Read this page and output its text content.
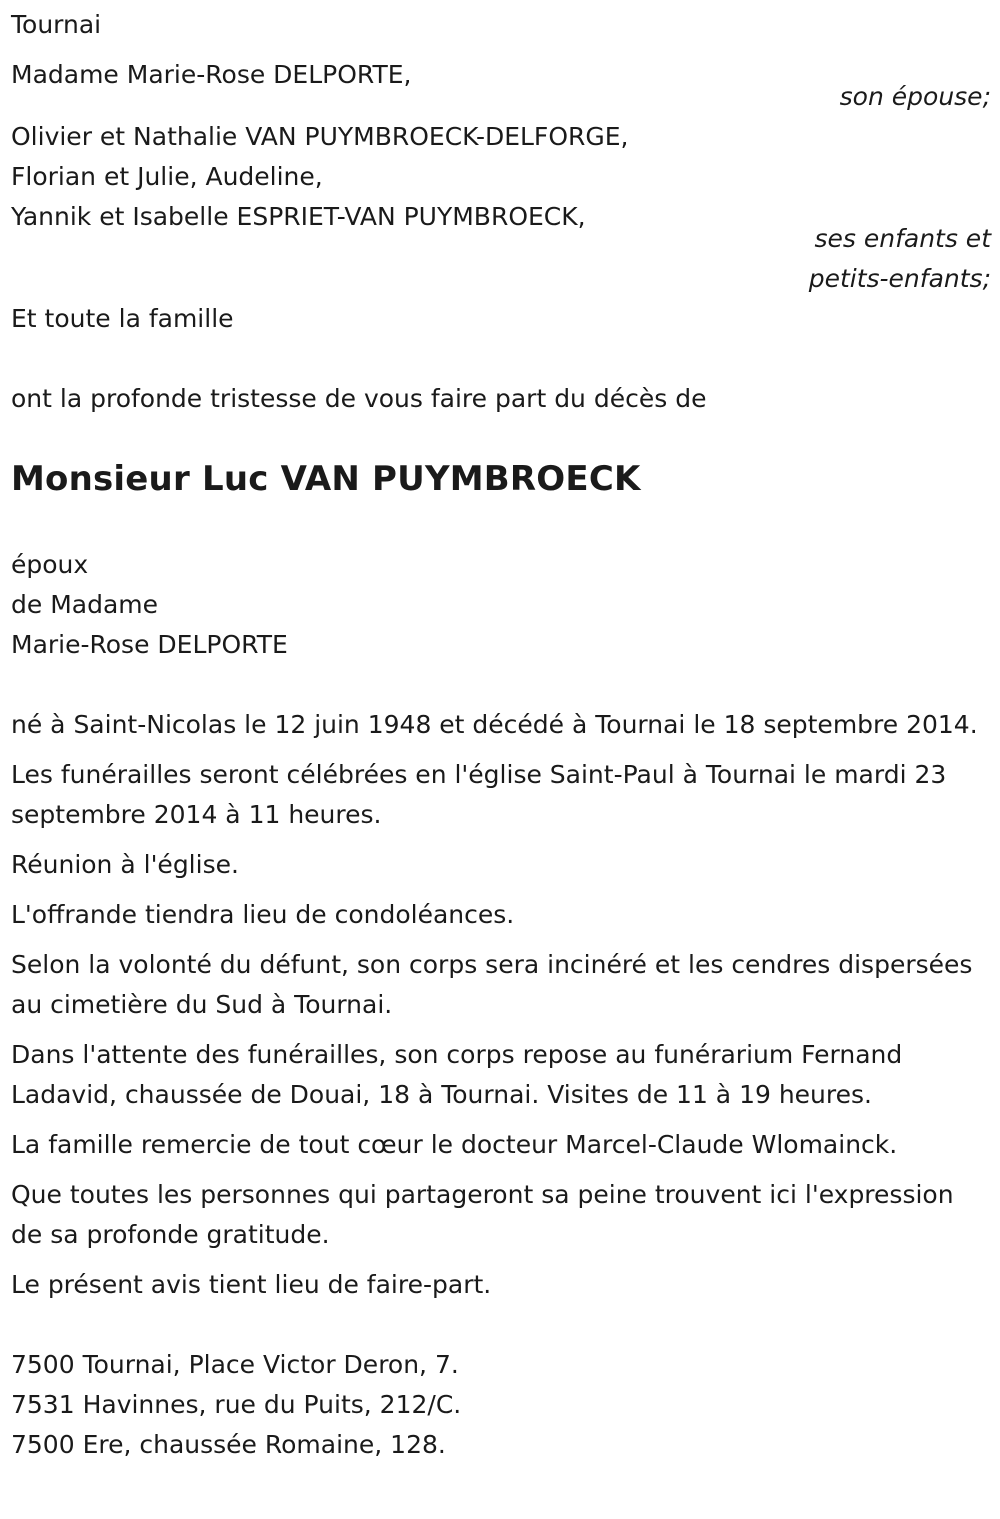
Tournai
Madame Marie-Rose DELPORTE,
son épouse;
Olivier et Nathalie VAN PUYMBROECK-DELFORGE,
Florian et Julie, Audeline,
Yannik et Isabelle ESPRIET-VAN PUYMBROECK,
ses enfants et
petits-enfants;
Et toute la famille
ont la profonde tristesse de vous faire part du décès de
Monsieur Luc VAN PUYMBROECK
époux
de Madame
Marie-Rose DELPORTE
né à Saint-Nicolas le 12 juin 1948 et décédé à Tournai le 18 septembre 2014.
Les funérailles seront célébrées en l'église Saint-Paul à Tournai le mardi 23 septembre 2014 à 11 heures.
Réunion à l'église.
L'offrande tiendra lieu de condoléances.
Selon la volonté du défunt, son corps sera incinéré et les cendres dispersées au cimetière du Sud à Tournai.
Dans l'attente des funérailles, son corps repose au funérarium Fernand Ladavid, chaussée de Douai, 18 à Tournai. Visites de 11 à 19 heures.
La famille remercie de tout cœur le docteur Marcel-Claude Wlomainck.
Que toutes les personnes qui partageront sa peine trouvent ici l'expression de sa profonde gratitude.
Le présent avis tient lieu de faire-part.
7500 Tournai, Place Victor Deron, 7.
7531 Havinnes, rue du Puits, 212/C.
7500 Ere, chaussée Romaine, 128.
